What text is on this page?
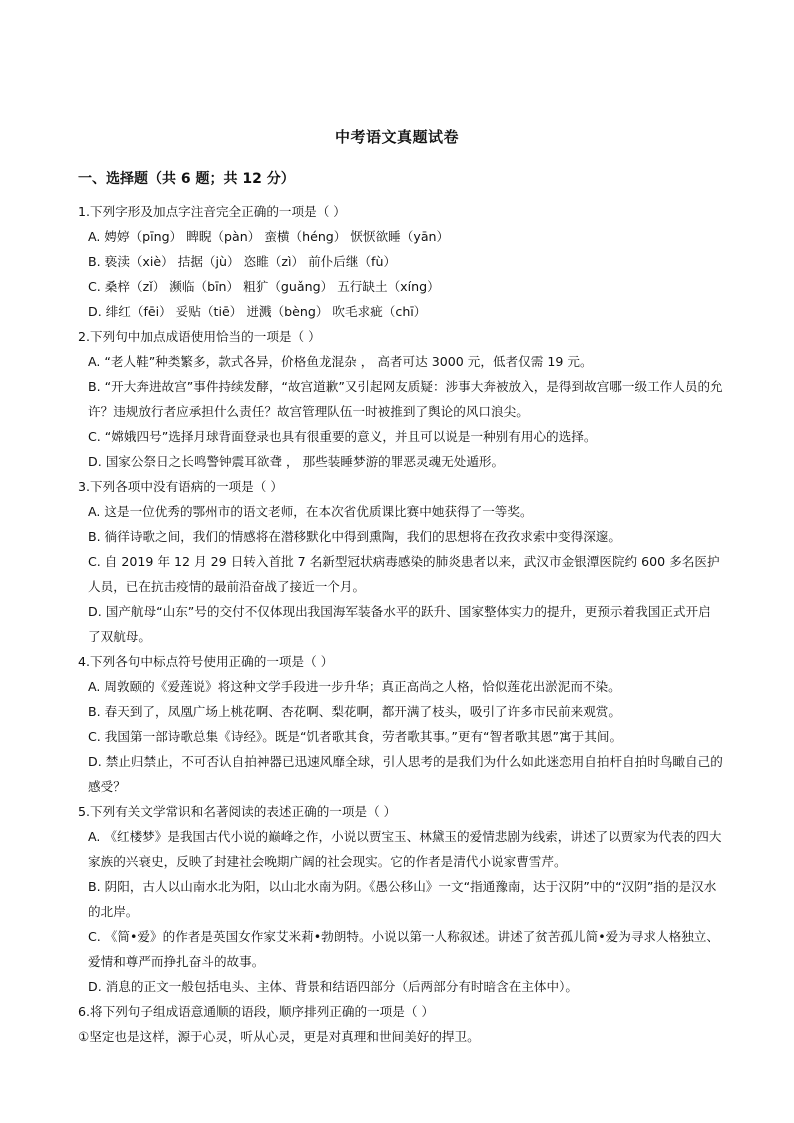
中考语文真题试卷
一、选择题（共 6 题；共 12 分）
1.下列字形及加点字注音完全正确的一项是（ ）
A. 娉婷（pīng） 睥睨（pàn） 蛮横（héng） 恹恹欲睡（yān）
B. 亵渎（xiè） 拮据（jù） 恣睢（zì） 前仆后继（fù）
C. 桑梓（zǐ） 濒临（bīn） 粗犷（guǎng） 五行缺土（xíng）
D. 绯红（fēi） 妥贴（tiē） 迸溅（bèng） 吹毛求疵（chī）
2.下列句中加点成语使用恰当的一项是（ ）
A. “老人鞋”种类繁多，款式各异，价格鱼龙混杂 ， 高者可达 3000 元，低者仅需 19 元。
B. “开大奔进故宫”事件持续发酵，“故宫道歉”又引起网友质疑：涉事大奔被放入，是得到故宫哪一级工作人员的允许？违规放行者应承担什么责任？故宫管理队伍一时被推到了舆论的风口浪尖。
C. “嫦娥四号”选择月球背面登录也具有很重要的意义，并且可以说是一种别有用心的选择。
D. 国家公祭日之长鸣警钟震耳欲聋 ， 那些装睡梦游的罪恶灵魂无处遁形。
3.下列各项中没有语病的一项是（ ）
A. 这是一位优秀的鄂州市的语文老师，在本次省优质课比赛中她获得了一等奖。
B. 徜徉诗歌之间，我们的情感将在潜移默化中得到熏陶，我们的思想将在孜孜求索中变得深邃。
C. 自 2019 年 12 月 29 日转入首批 7 名新型冠状病毒感染的肺炎患者以来，武汉市金银潭医院约 600 多名医护人员，已在抗击疫情的最前沿奋战了接近一个月。
D. 国产航母“山东”号的交付不仅体现出我国海军装备水平的跃升、国家整体实力的提升，更预示着我国正式开启了双航母。
4.下列各句中标点符号使用正确的一项是（ ）
A. 周敦颐的《爱莲说》将这种文学手段进一步升华；真正高尚之人格，恰似莲花出淤泥而不染。
B. 春天到了，凤凰广场上桃花啊、杏花啊、梨花啊，都开满了枝头，吸引了许多市民前来观赏。
C. 我国第一部诗歌总集《诗经》。既是“饥者歌其食，劳者歌其事。”更有“智者歌其恩”寓于其间。
D. 禁止归禁止，不可否认自拍神器已迅速风靡全球，引人思考的是我们为什么如此迷恋用自拍杆自拍时鸟瞰自己的感受？
5.下列有关文学常识和名著阅读的表述正确的一项是（ ）
A. 《红楼梦》是我国古代小说的巅峰之作，小说以贾宝玉、林黛玉的爱情悲剧为线索，讲述了以贾家为代表的四大家族的兴衰史，反映了封建社会晚期广阔的社会现实。它的作者是清代小说家曹雪芹。
B. 阴阳，古人以山南水北为阳，以山北水南为阴。《愚公移山》一文“指通豫南，达于汉阴”中的“汉阴”指的是汉水的北岸。
C. 《简•爱》的作者是英国女作家艾米莉•勃朗特。小说以第一人称叙述。讲述了贫苦孤儿简•爱为寻求人格独立、爱情和尊严而挣扎奋斗的故事。
D. 消息的正文一般包括电头、主体、背景和结语四部分（后两部分有时暗含在主体中）。
6.将下列句子组成语意通顺的语段，顺序排列正确的一项是（ ）
①坚定也是这样，源于心灵，听从心灵，更是对真理和世间美好的捍卫。
